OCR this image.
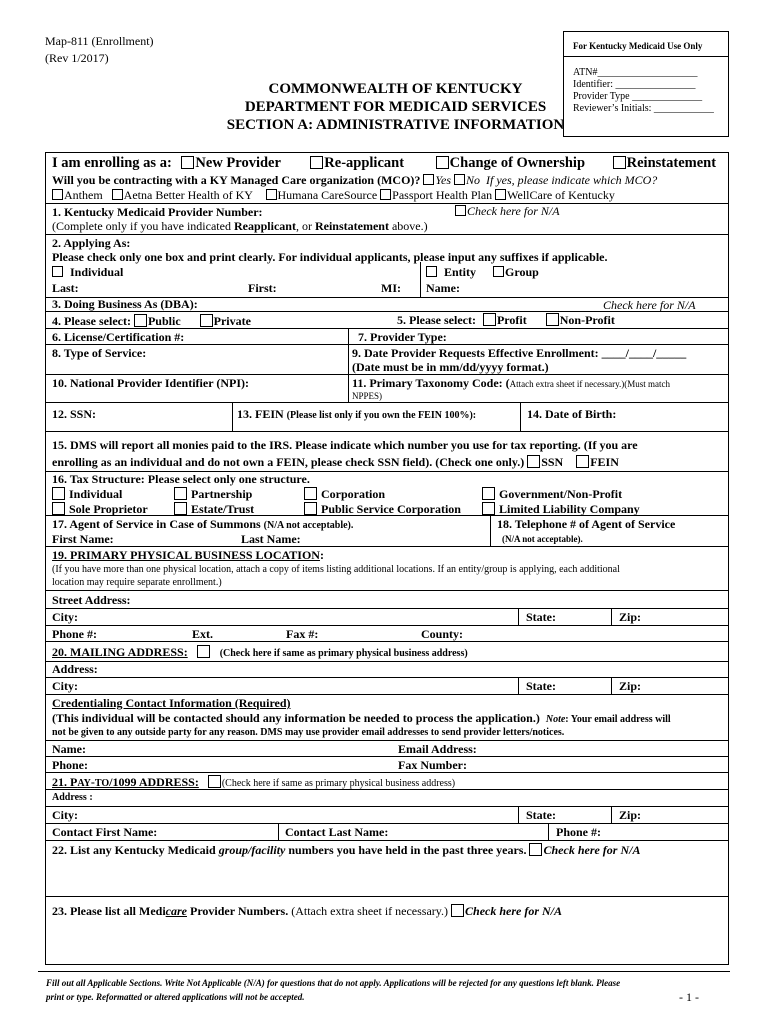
Map-811 (Enrollment)
(Rev 1/2017)
COMMONWEALTH OF KENTUCKY
DEPARTMENT FOR MEDICAID SERVICES
SECTION A: ADMINISTRATIVE INFORMATION
For Kentucky Medicaid Use Only
ATN#____________________
Identifier: ________________
Provider Type ______________
Reviewer’s Initials: ____________
I am enrolling as a: New Provider	Re-applicant	Change of Ownership	Reinstatement
Will you be contracting with a KY Managed Care organization (MCO)? Yes No If yes, please indicate which MCO?
Anthem Aetna Better Health of KY Humana CareSource Passport Health Plan WellCare of Kentucky
1. Kentucky Medicaid Provider Number:	Check here for N/A
(Complete only if you have indicated Reapplicant, or Reinstatement above.)
2. Applying As:
Please check only one box and print clearly. For individual applicants, please input any suffixes if applicable.
Individual	Entity Group
Last:	First:	MI: Name:
3. Doing Business As (DBA):	Check here for N/A
4. Please select: Public	Private	5. Please select: Profit	Non-Profit
6. License/Certification #:	7. Provider Type:
8. Type of Service:	9. Date Provider Requests Effective Enrollment: ____/____/_____
(Date must be in mm/dd/yyyy format.)
10. National Provider Identifier (NPI):	11. Primary Taxonomy Code: (Attach extra sheet if necessary.)(Must match
NPPES)
12. SSN:	13. FEIN (Please list only if you own the FEIN 100%):	14. Date of Birth:
15. DMS will report all monies paid to the IRS. Please indicate which number you use for tax reporting. (If you are
enrolling as an individual and do not own a FEIN, please check SSN field). (Check one only.) SSN FEIN
16. Tax Structure: Please select only one structure.
Individual	Partnership	Corporation	Government/Non-Profit
Sole Proprietor	Estate/Trust	Public Service Corporation	Limited Liability Company
17. Agent of Service in Case of Summons (N/A not acceptable).
First Name:	Last Name:
18. Telephone # of Agent of Service
(N/A not acceptable).
19. PRIMARY PHYSICAL BUSINESS LOCATION:
(If you have more than one physical location, attach a copy of items listing additional locations. If an entity/group is applying, each additional
location may require separate enrollment.)
Street Address:
City:	State:	Zip:
Phone #:	Ext.	Fax #:	County:
20. MAILING ADDRESS:	(Check here if same as primary physical business address)
Address:
City:	State:	Zip:
Credentialing Contact Information (Required)
(This individual will be contacted should any information be needed to process the application.) Note: Your email address will
not be given to any outside party for any reason. DMS may use provider email addresses to send provider letters/notices.
Name:	Email Address:
Phone:	Fax Number:
21. PAY-TO/1099 ADDRESS: (Check here if same as primary physical business address)
Address :
City:	State:	Zip:
Contact First Name:	Contact Last Name:	Phone #:
22. List any Kentucky Medicaid group/facility numbers you have held in the past three years. Check here for N/A
23. Please list all Medicare Provider Numbers. (Attach extra sheet if necessary.) Check here for N/A
Fill out all Applicable Sections. Write Not Applicable (N/A) for questions that do not apply. Applications will be rejected for any questions left blank. Please
print or type. Reformatted or altered applications will not be accepted.	- 1 -
